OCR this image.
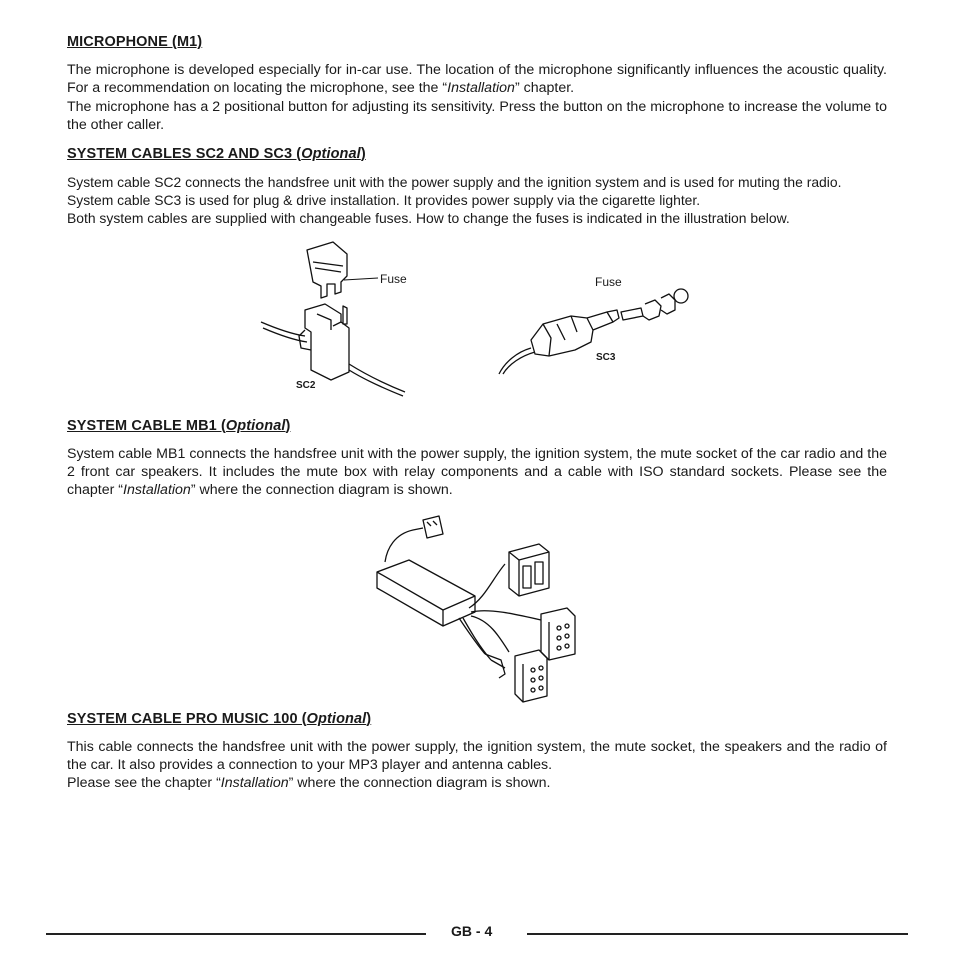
MICROPHONE (M1)

The microphone is developed especially for in-car use. The location of the microphone significantly influences the acoustic quality. For a recommendation on locating the microphone, see the “Installation” chapter.

The microphone has a 2 positional button for adjusting its sensitivity. Press the button on the microphone to increase the volume to the other caller.

SYSTEM CABLES SC2 AND SC3 (Optional)

System cable SC2 connects the handsfree unit with the power supply and the ignition system and is used for muting the radio.
System cable SC3 is used for plug & drive installation. It provides power supply via the cigarette lighter.
Both system cables are supplied with changeable fuses. How to change the fuses is indicated in the illustration below.

Fuse
SC2
Fuse
SC3
SYSTEM CABLE MB1 (Optional)

System cable MB1 connects the handsfree unit with the power supply, the ignition system, the mute socket of the car radio and the 2 front car speakers. It includes the mute box with relay components and a cable with ISO standard sockets. Please see the chapter “Installation” where the connection diagram is shown.

SYSTEM CABLE PRO MUSIC 100 (Optional)

This cable connects the handsfree unit with the power supply, the ignition system, the mute socket, the speakers and the radio of the car. It also provides a connection to your MP3 player and antenna cables.

Please see the chapter “Installation” where the connection diagram is shown.

GB - 4
